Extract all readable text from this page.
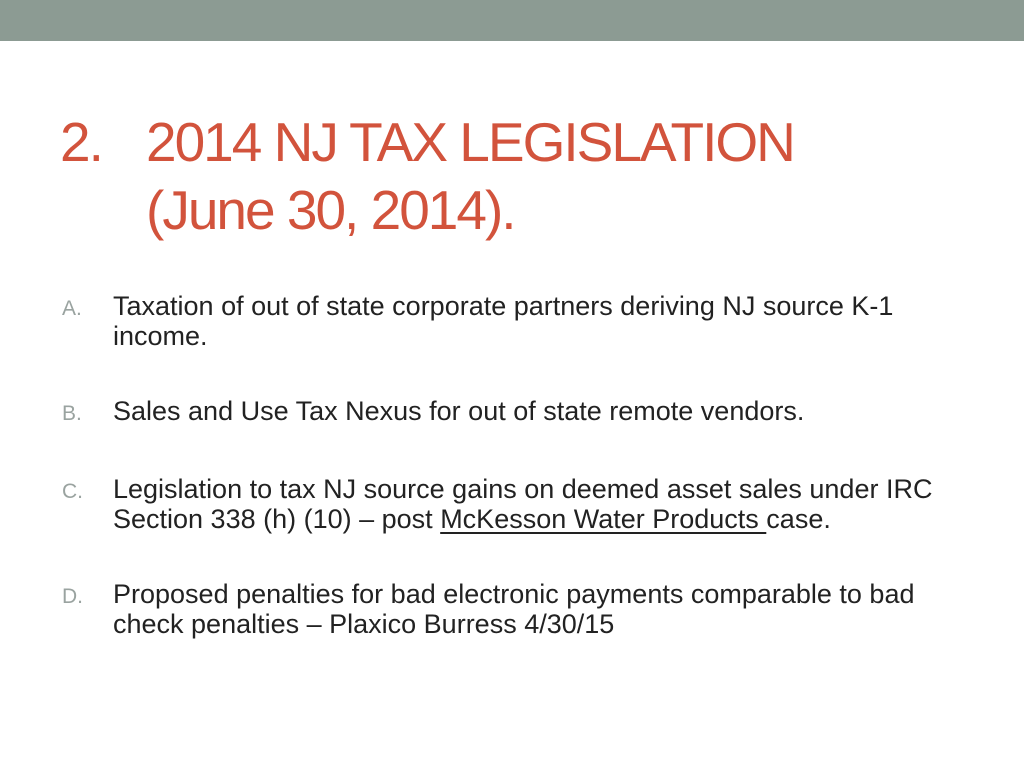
2. 2014 NJ TAX LEGISLATION
(June 30, 2014).
A.	Taxation of out of state corporate partners deriving NJ source K-1 income.
B.	Sales and Use Tax Nexus for out of state remote vendors.
C.	Legislation to tax NJ source gains on deemed asset sales under IRC Section 338 (h) (10) – post McKesson Water Products case.
D.	Proposed penalties for bad electronic payments comparable to bad check penalties – Plaxico Burress 4/30/15
